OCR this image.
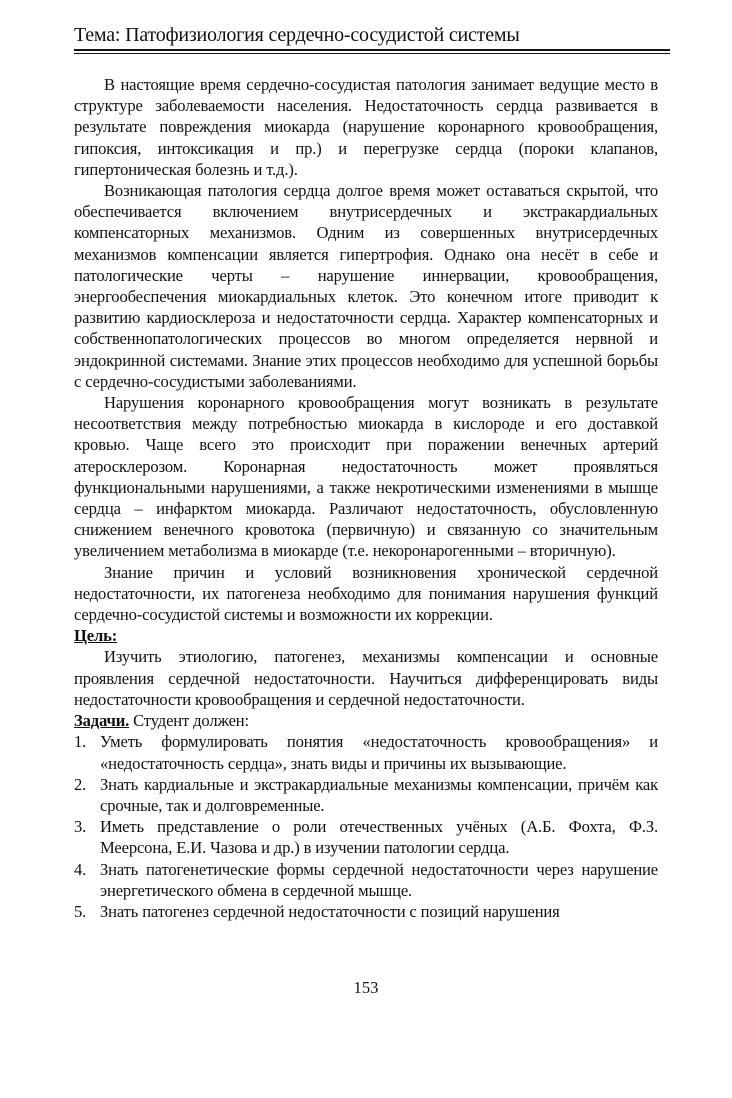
Тема: Патофизиология сердечно-сосудистой системы

В настоящие время сердечно-сосудистая патология занимает ведущие место в структуре заболеваемости населения. Недостаточность сердца развивается в результате повреждения миокарда (нарушение коронарного кровообращения, гипоксия, интоксикация и пр.) и перегрузке сердца (пороки клапанов, гипертоническая болезнь и т.д.).

Возникающая патология сердца долгое время может оставаться скрытой, что обеспечивается включением внутрисердечных и экстракардиальных компенсаторных механизмов. Одним из совершенных внутрисердечных механизмов компенсации является гипертрофия. Однако она несёт в себе и патологические черты – нарушение иннервации, кровообращения, энергообеспечения миокардиальных клеток. Это конечном итоге приводит к развитию кардиосклероза и недостаточности сердца. Характер компенсаторных и собственнопатологических процессов во многом определяется нервной и эндокринной системами. Знание этих процессов необходимо для успешной борьбы с сердечно-сосудистыми заболеваниями.

Нарушения коронарного кровообращения могут возникать в результате несоответствия между потребностью миокарда в кислороде и его доставкой кровью. Чаще всего это происходит при поражении венечных артерий атеросклерозом. Коронарная недостаточность может проявляться функциональными нарушениями, а также некротическими изменениями в мышце сердца – инфарктом миокарда. Различают недостаточность, обусловленную снижением венечного кровотока (первичную) и связанную со значительным увеличением метаболизма в миокарде (т.е. некоронарогенными – вторичную).

Знание причин и условий возникновения хронической сердечной недостаточности, их патогенеза необходимо для понимания нарушения функций сердечно-сосудистой системы и возможности их коррекции.

Цель:

Изучить этиологию, патогенез, механизмы компенсации и основные проявления сердечной недостаточности. Научиться дифференцировать виды недостаточности кровообращения и сердечной недостаточности.

Задачи. Студент должен:
1. Уметь формулировать понятия «недостаточность кровообращения» и «недостаточность сердца», знать виды и причины их вызывающие.
2. Знать кардиальные и экстракардиальные механизмы компенсации, причём как срочные, так и долговременные.
3. Иметь представление о роли отечественных учёных (А.Б. Фохта, Ф.З. Меерсона, Е.И. Чазова и др.) в изучении патологии сердца.
4. Знать патогенетические формы сердечной недостаточности через нарушение энергетического обмена в сердечной мышце.
5. Знать патогенез сердечной недостаточности с позиций нарушения
153
